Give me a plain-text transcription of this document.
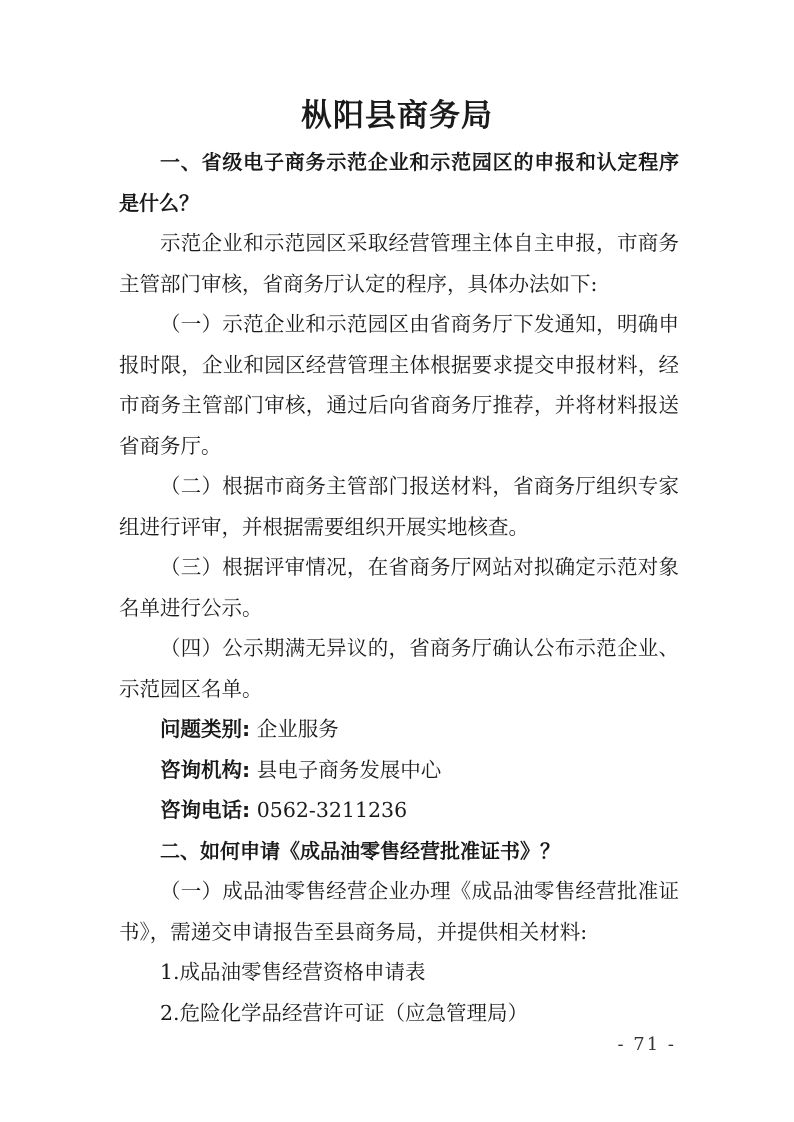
枞阳县商务局

一、省级电子商务示范企业和示范园区的申报和认定程序是什么？

示范企业和示范园区采取经营管理主体自主申报，市商务主管部门审核，省商务厅认定的程序，具体办法如下:

（一）示范企业和示范园区由省商务厅下发通知，明确申报时限，企业和园区经营管理主体根据要求提交申报材料，经市商务主管部门审核，通过后向省商务厅推荐，并将材料报送省商务厅。

（二）根据市商务主管部门报送材料，省商务厅组织专家组进行评审，并根据需要组织开展实地核查。

（三）根据评审情况，在省商务厅网站对拟确定示范对象名单进行公示。

（四）公示期满无异议的，省商务厅确认公布示范企业、示范园区名单。

问题类别: 企业服务

咨询机构: 县电子商务发展中心

咨询电话: 0562-3211236

二、如何申请《成品油零售经营批准证书》？

（一）成品油零售经营企业办理《成品油零售经营批准证书》，需递交申请报告至县商务局，并提供相关材料:

1.成品油零售经营资格申请表

2.危险化学品经营许可证（应急管理局）

- 71 -
